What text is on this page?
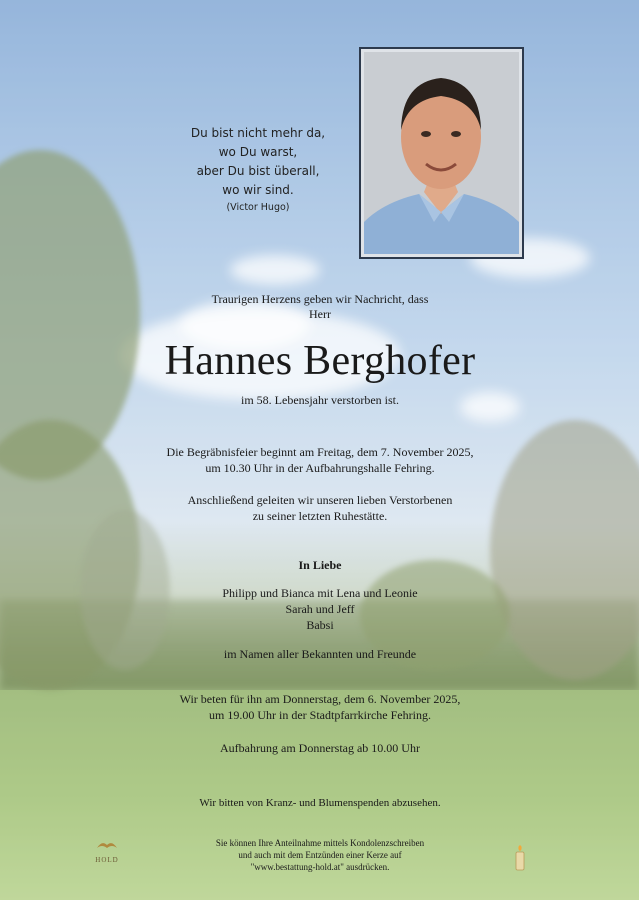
Du bist nicht mehr da,
wo Du warst,
aber Du bist überall,
wo wir sind.
(Victor Hugo)
Traurigen Herzens geben wir Nachricht, dass
Herr
Hannes Berghofer
im 58. Lebensjahr verstorben ist.
Die Begräbnisfeier beginnt am Freitag, dem 7. November 2025,
um 10.30 Uhr in der Aufbahrungshalle Fehring.
Anschließend geleiten wir unseren lieben Verstorbenen
zu seiner letzten Ruhestätte.
In Liebe
Philipp und Bianca mit Lena und Leonie
Sarah und Jeff
Babsi
im Namen aller Bekannten und Freunde
Wir beten für ihn am Donnerstag, dem 6. November 2025,
um 19.00 Uhr in der Stadtpfarrkirche Fehring.
Aufbahrung am Donnerstag ab 10.00 Uhr
Wir bitten von Kranz- und Blumenspenden abzusehen.
Sie können Ihre Anteilnahme mittels Kondolenzschreiben
und auch mit dem Entzünden einer Kerze auf
"www.bestattung-hold.at" ausdrücken.
HOLD
